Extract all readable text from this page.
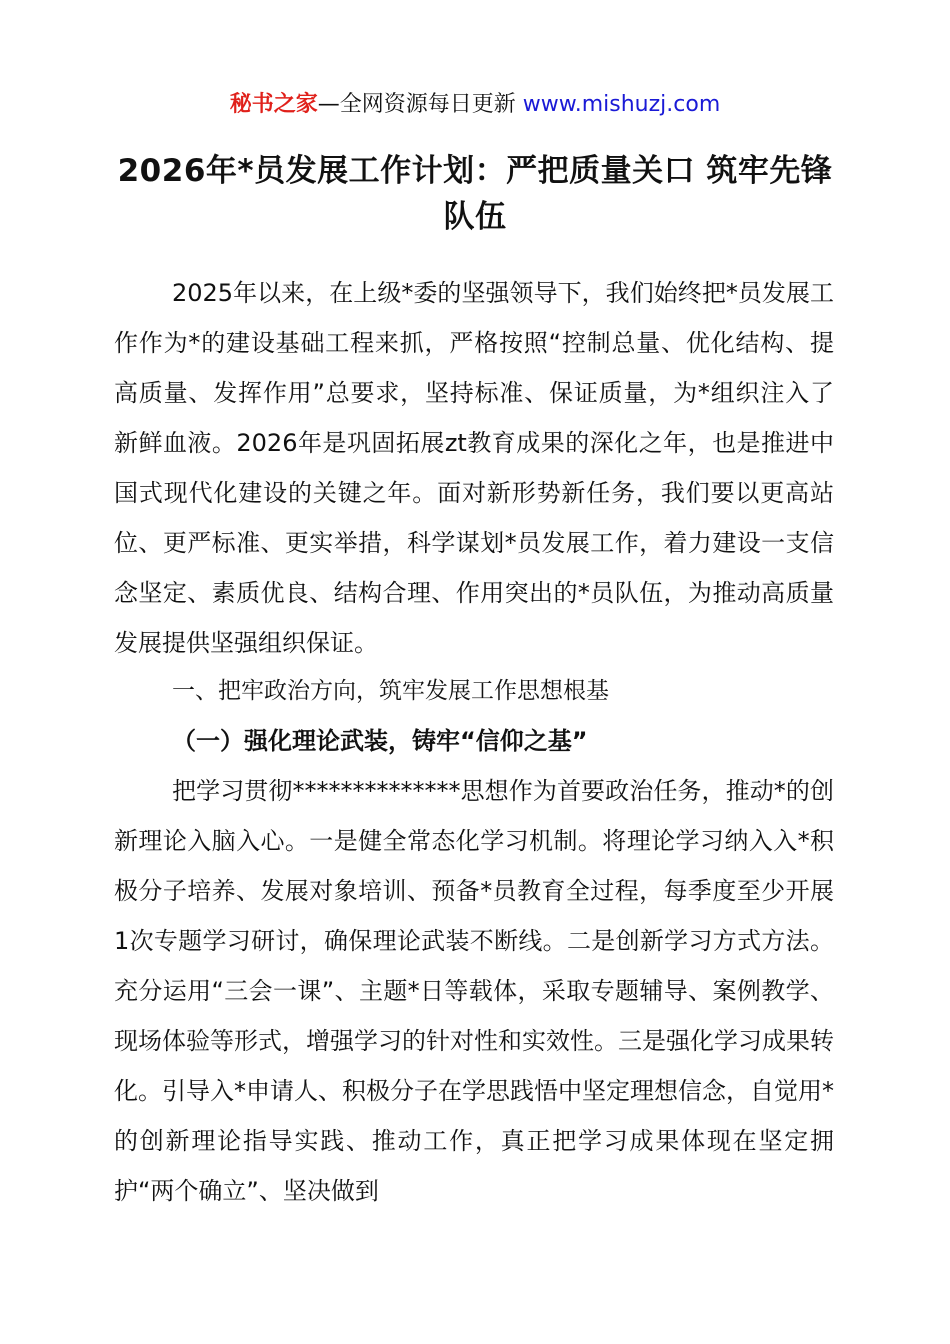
秘书之家—全网资源每日更新 www.mishuzj.com
2026年*员发展工作计划：严把质量关口 筑牢先锋队伍
2025年以来，在上级*委的坚强领导下，我们始终把*员发展工作作为*的建设基础工程来抓，严格按照“控制总量、优化结构、提高质量、发挥作用”总要求，坚持标准、保证质量，为*组织注入了新鲜血液。2026年是巩固拓展zt教育成果的深化之年，也是推进中国式现代化建设的关键之年。面对新形势新任务，我们要以更高站位、更严标准、更实举措，科学谋划*员发展工作，着力建设一支信念坚定、素质优良、结构合理、作用突出的*员队伍，为推动高质量发展提供坚强组织保证。
一、把牢政治方向，筑牢发展工作思想根基
（一）强化理论武装，铸牢“信仰之基”
把学习贯彻**************思想作为首要政治任务，推动*的创新理论入脑入心。一是健全常态化学习机制。将理论学习纳入入*积极分子培养、发展对象培训、预备*员教育全过程，每季度至少开展1次专题学习研讨，确保理论武装不断线。二是创新学习方式方法。充分运用“三会一课”、主题*日等载体，采取专题辅导、案例教学、现场体验等形式，增强学习的针对性和实效性。三是强化学习成果转化。引导入*申请人、积极分子在学思践悟中坚定理想信念，自觉用*的创新理论指导实践、推动工作，真正把学习成果体现在坚定拥护“两个确立”、坚决做到
